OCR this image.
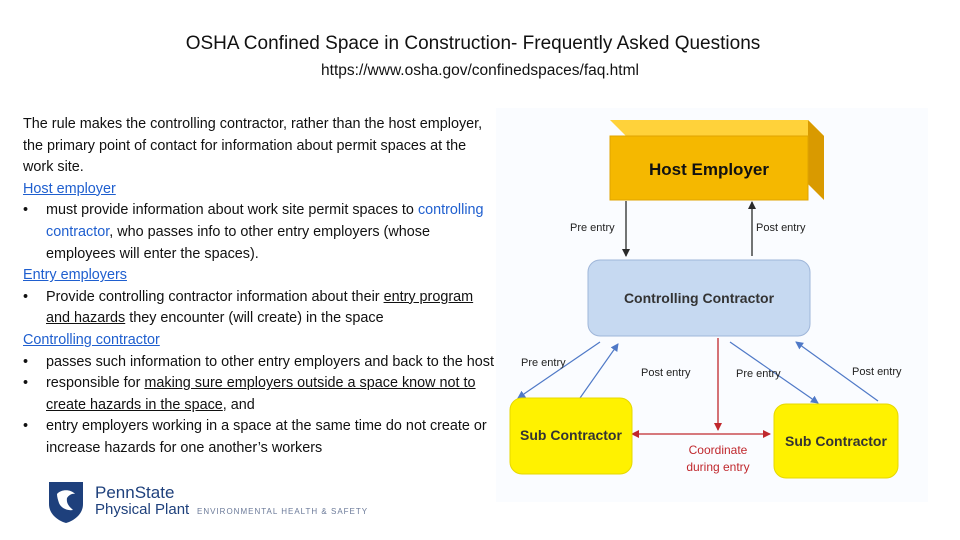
OSHA Confined Space in Construction- Frequently Asked Questions
https://www.osha.gov/confinedspaces/faq.html

The rule makes the controlling contractor, rather than the host employer, the primary point of contact for information about permit spaces at the work site.

Host employer

•	must provide information about work site permit spaces to controlling contractor, who passes info to other entry employers (whose employees will enter the spaces).

Entry employers

•	Provide controlling contractor information about their entry program and hazards they encounter (will create) in the space

Controlling contractor

•	passes such information to other entry employers and back to the host
•	responsible for making sure employers outside a space know not to create hazards in the space, and
•	entry employers working in a space at the same time do not create or increase hazards for one another’s workers
PennState
Physical Plant ENVIRONMENTAL HEALTH & SAFETY
Host Employer
Pre entry	Post entry
Controlling Contractor
Pre entry
Post entry	Pre entry	Post entry
Coordinate
during entry
Sub Contractor	Sub Contractor
